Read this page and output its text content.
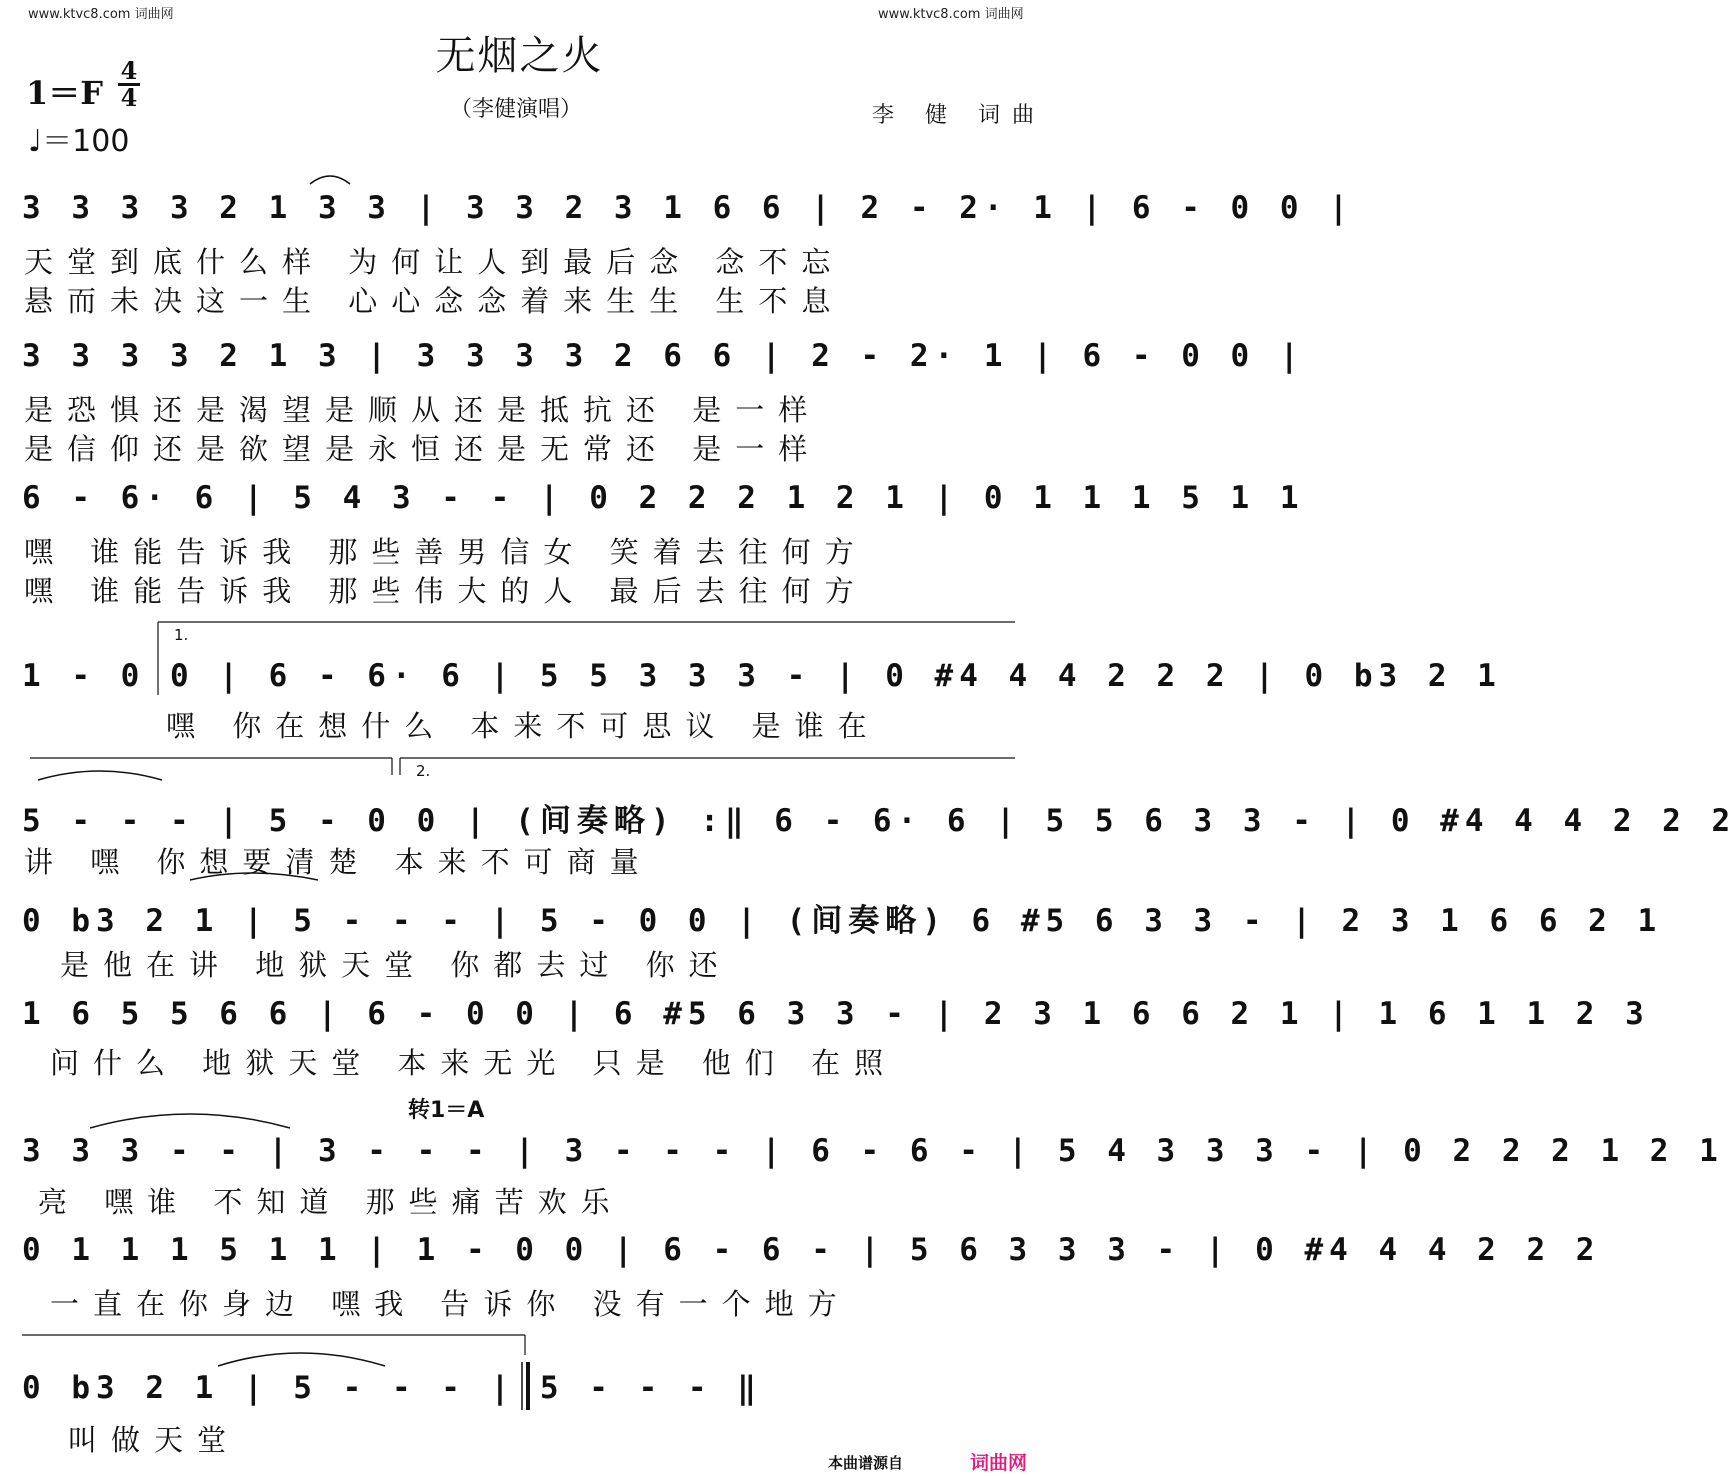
www.ktvc8.com 词曲网	www.ktvc8.com 词曲网
无烟之火
（李健演唱）	李 健 词曲
1＝F
4
4
♩＝100
3 3 3 3 2 1 3 3 | 3 3 2 3 1 6 6 | 2 - 2· 1 | 6 - 0 0 |
天堂到底什么样 为何让人到最后念 念不忘
悬而未决这一生 心心念念着来生生 生不息
3 3 3 3 2 1 3 | 3 3 3 3 2 6 6 | 2 - 2· 1 | 6 - 0 0 |
是恐惧还是渴望是顺从还是抵抗还 是一样
是信仰还是欲望是永恒还是无常还 是一样
6 - 6· 6 | 5 4 3 - - | 0 2 2 2 1 2 1 | 0 1 1 1 5 1 1
嘿 谁能告诉我 那些善男信女 笑着去往何方
嘿 谁能告诉我 那些伟大的人 最后去往何方
1.
1 - 0 0 | 6 - 6· 6 | 5 5 3 3 3 - | 0 #4 4 4 2 2 2 | 0 b3 2 1
嘿 你在想什么 本来不可思议 是谁在
2.
5 - - - | 5 - 0 0 | (间奏略) :‖ 6 - 6· 6 | 5 5 6 3 3 - | 0 #4 4 4 2 2 2
讲 嘿 你想要清楚 本来不可商量
0 b3 2 1 | 5 - - - | 5 - 0 0 | (间奏略) 6 #5 6 3 3 - | 2 3 1 6 6 2 1
是他在讲 地狱天堂 你都去过 你还
1 6 5 5 6 6 | 6 - 0 0 | 6 #5 6 3 3 - | 2 3 1 6 6 2 1 | 1 6 1 1 2 3
问什么 地狱天堂 本来无光 只是 他们 在照
转1＝A
3 3 3 - - | 3 - - - | 3 - - - | 6 - 6 - | 5 4 3 3 3 - | 0 2 2 2 1 2 1
亮 嘿谁 不知道 那些痛苦欢乐
0 1 1 1 5 1 1 | 1 - 0 0 | 6 - 6 - | 5 6 3 3 3 - | 0 #4 4 4 2 2 2
一直在你身边 嘿我 告诉你 没有一个地方
0 b3 2 1 | 5 - - - | 5 - - - ‖
叫做天堂
本曲谱源自	词曲网
